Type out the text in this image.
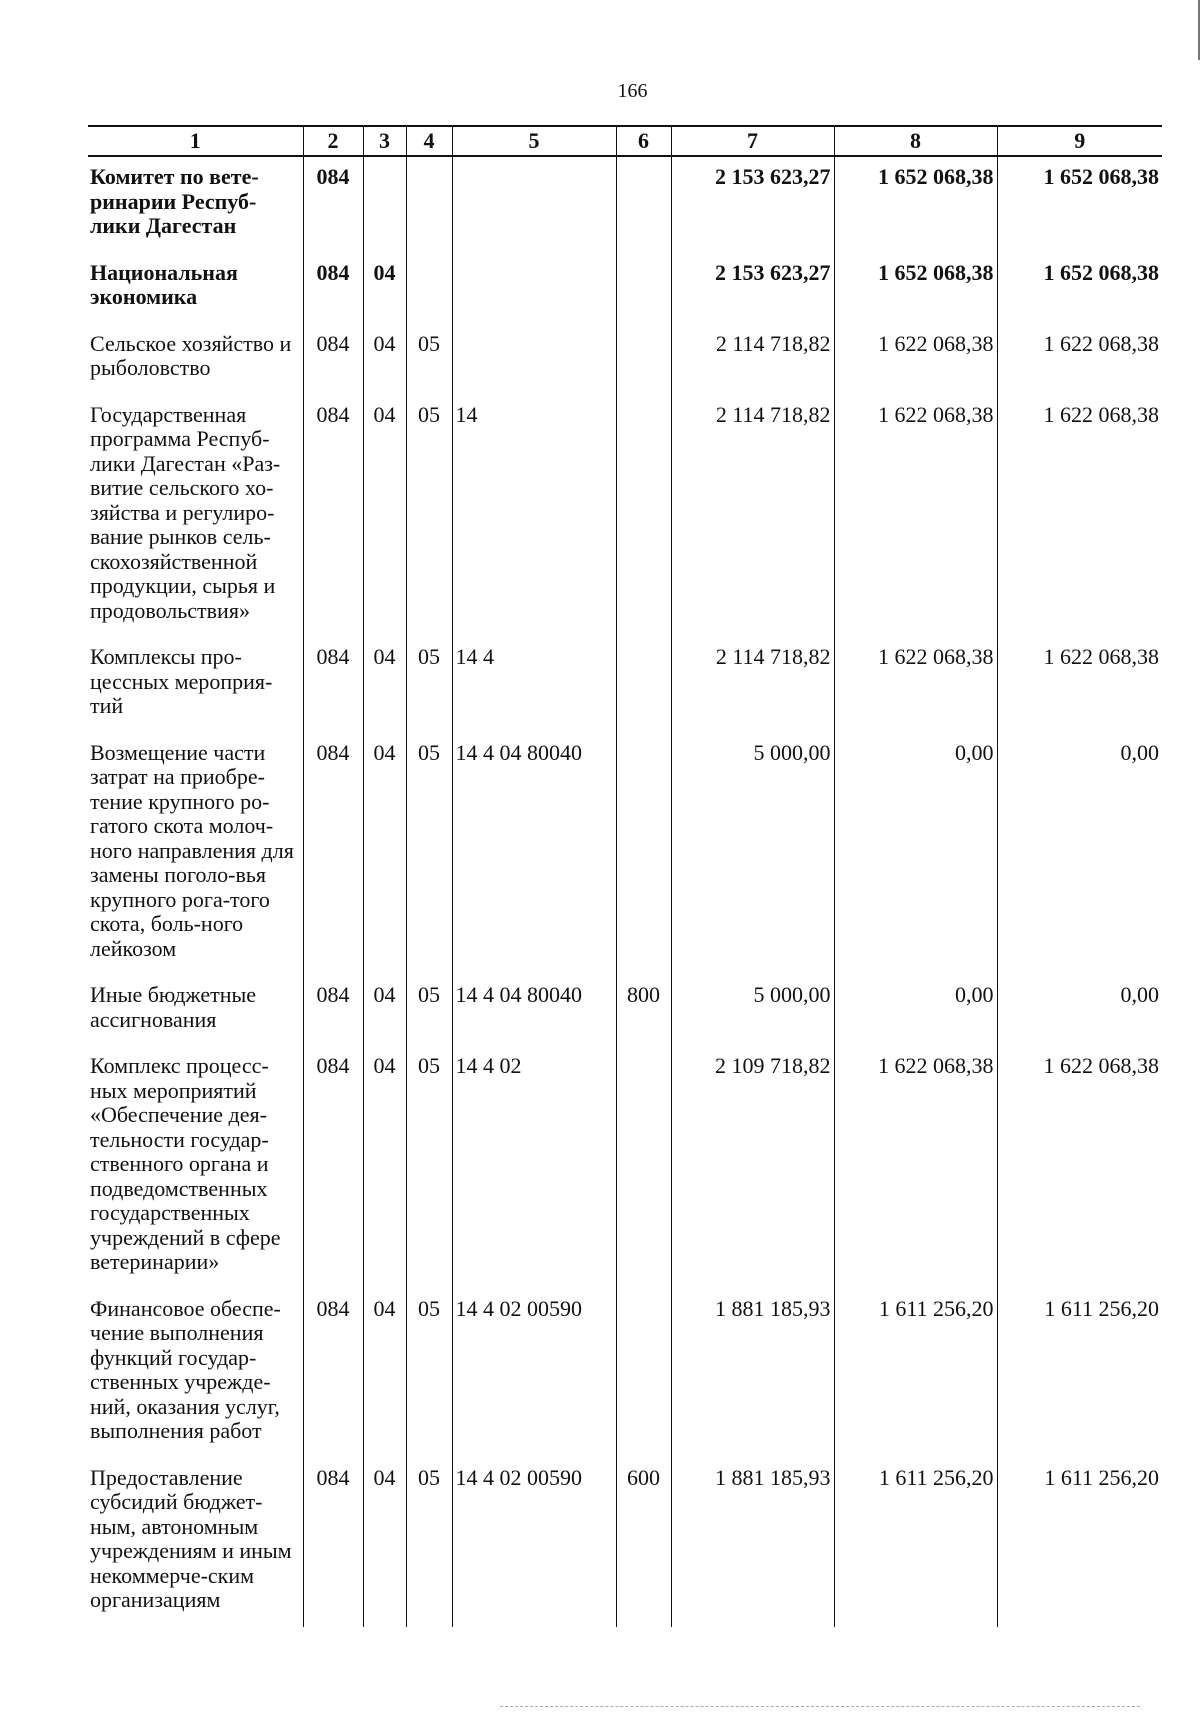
166
1	2	3	4	5	6	7	8	9
Комитет по вете-ринарии Респуб-лики Дагестан	084					2 153 623,27	1 652 068,38	1 652 068,38
Национальная экономика	084	04				2 153 623,27	1 652 068,38	1 652 068,38
Сельское хозяйство и рыболовство	084	04	05			2 114 718,82	1 622 068,38	1 622 068,38
Государственная программа Респуб-лики Дагестан «Раз-витие сельского хо-зяйства и регулиро-вание рынков сель-скохозяйственной продукции, сырья и продовольствия»	084	04	05	14		2 114 718,82	1 622 068,38	1 622 068,38
Комплексы про-цессных мероприя-тий	084	04	05	14 4		2 114 718,82	1 622 068,38	1 622 068,38
Возмещение части затрат на приобре-тение крупного ро-гатого скота молоч-ного направления для замены поголо-вья крупного рога-того скота, боль-ного лейкозом	084	04	05	14 4 04 80040		5 000,00	0,00	0,00
Иные бюджетные ассигнования	084	04	05	14 4 04 80040	800	5 000,00	0,00	0,00
Комплекс процесс-ных мероприятий «Обеспечение дея-тельности государ-ственного органа и подведомственных государственных учреждений в сфере ветеринарии»	084	04	05	14 4 02		2 109 718,82	1 622 068,38	1 622 068,38
Финансовое обеспе-чение выполнения функций государ-ственных учрежде-ний, оказания услуг, выполнения работ	084	04	05	14 4 02 00590		1 881 185,93	1 611 256,20	1 611 256,20
Предоставление субсидий бюджет-ным, автономным учреждениям и иным некоммерче-ским организациям	084	04	05	14 4 02 00590	600	1 881 185,93	1 611 256,20	1 611 256,20
